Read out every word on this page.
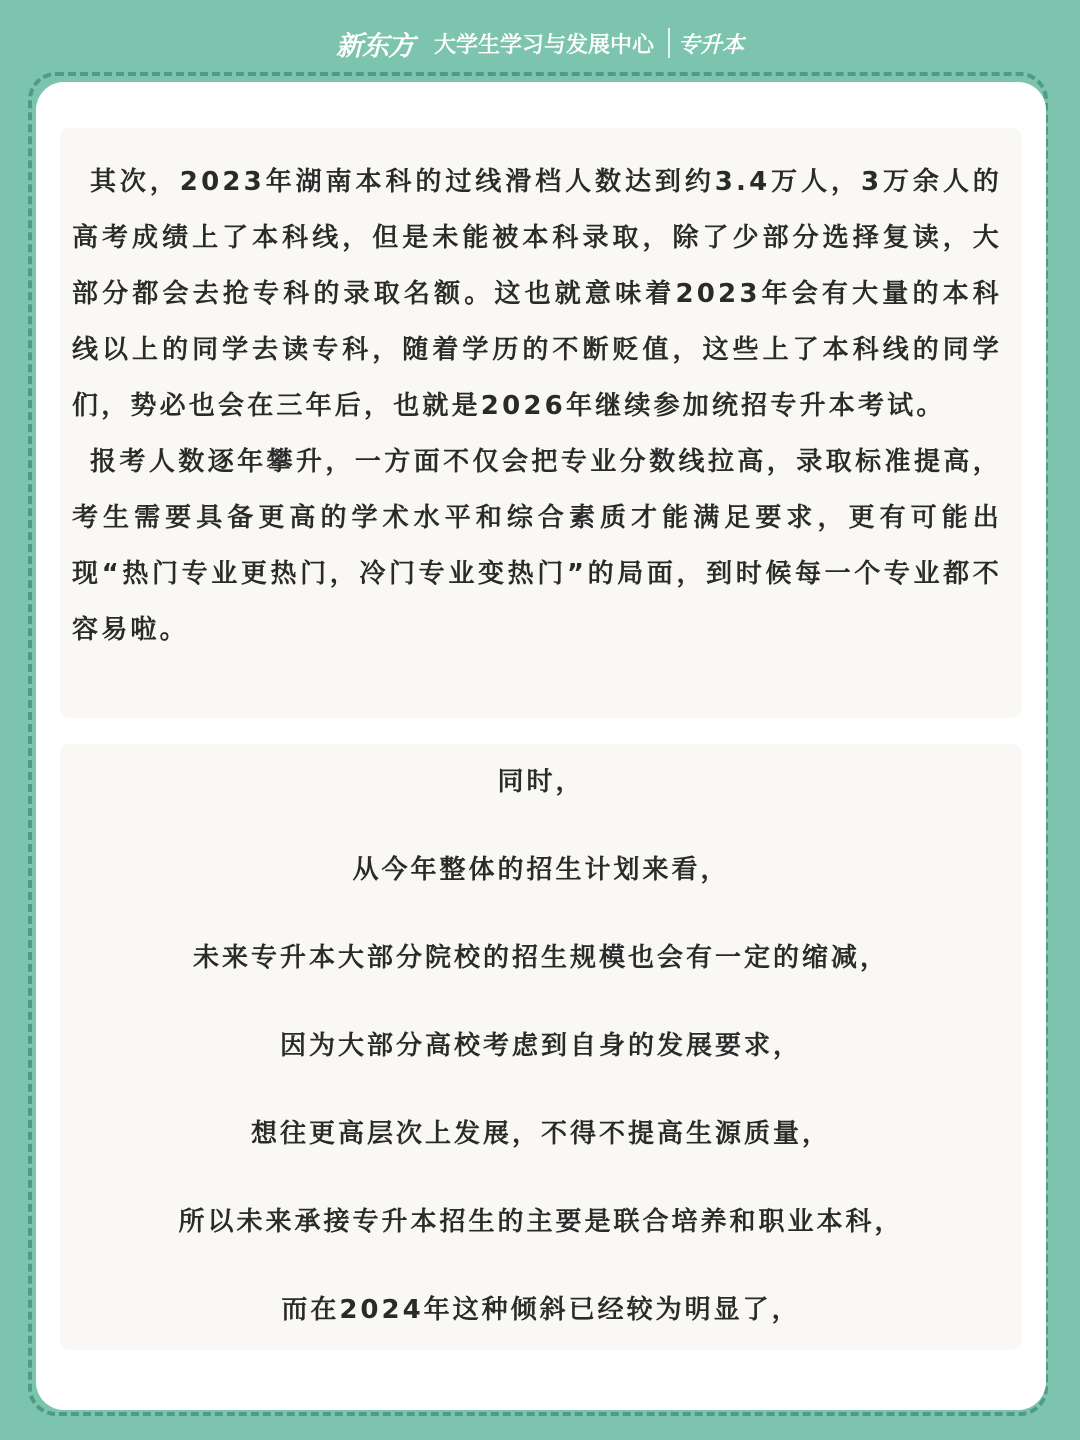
新东方 大学生学习与发展中心 专升本

其次，2023年湖南本科的过线滑档人数达到约3.4万人，3万余人的高考成绩上了本科线，但是未能被本科录取，除了少部分选择复读，大部分都会去抢专科的录取名额。这也就意味着2023年会有大量的本科线以上的同学去读专科，随着学历的不断贬值，这些上了本科线的同学们，势必也会在三年后，也就是2026年继续参加统招专升本考试。

报考人数逐年攀升，一方面不仅会把专业分数线拉高，录取标准提高，考生需要具备更高的学术水平和综合素质才能满足要求，更有可能出现“热门专业更热门，冷门专业变热门”的局面，到时候每一个专业都不容易啦。

同时，

从今年整体的招生计划来看，

未来专升本大部分院校的招生规模也会有一定的缩减，

因为大部分高校考虑到自身的发展要求，

想往更高层次上发展，不得不提高生源质量，

所以未来承接专升本招生的主要是联合培养和职业本科，

而在2024年这种倾斜已经较为明显了，
